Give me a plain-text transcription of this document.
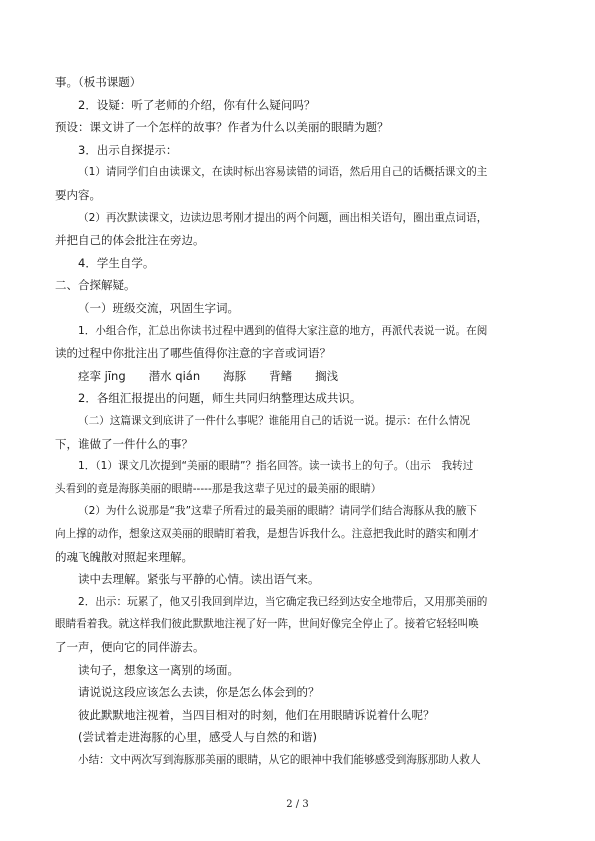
事。（板书课题）
2．设疑：听了老师的介绍，你有什么疑问吗？
预设：课文讲了一个怎样的故事？作者为什么以美丽的眼睛为题？
3．出示自探提示：
（1）请同学们自由读课文，在读时标出容易读错的词语，然后用自己的话概括课文的主
要内容。
（2）再次默读课文，边读边思考刚才提出的两个问题，画出相关语句，圈出重点词语，
并把自己的体会批注在旁边。
4．学生自学。
二、合探解疑。
（一）班级交流，巩固生字词。
1．小组合作，汇总出你读书过程中遇到的值得大家注意的地方，再派代表说一说。在阅
读的过程中你批注出了哪些值得你注意的字音或词语？
痉挛 jīng　　潜水 qián　　海豚　　背鳍　　搁浅
2．各组汇报提出的问题，师生共同归纳整理达成共识。
（二）这篇课文到底讲了一件什么事呢？谁能用自己的话说一说。提示：在什么情况
下，谁做了一件什么的事？
1．（1）课文几次提到“美丽的眼睛”？指名回答。读一读书上的句子。（出示　我转过
头看到的竟是海豚美丽的眼睛-----那是我这辈子见过的最美丽的眼睛）
（2）为什么说那是“我”这辈子所看过的最美丽的眼睛？请同学们结合海豚从我的腋下
向上撑的动作，想象这双美丽的眼睛盯着我，是想告诉我什么。注意把我此时的踏实和刚才
的魂飞魄散对照起来理解。
读中去理解。紧张与平静的心情。读出语气来。
2．出示：玩累了，他又引我回到岸边，当它确定我已经到达安全地带后，又用那美丽的
眼睛看着我。就这样我们彼此默默地注视了好一阵，世间好像完全停止了。接着它轻轻叫唤
了一声，便向它的同伴游去。
读句子，想象这一离别的场面。
请说说这段应该怎么去读，你是怎么体会到的？
彼此默默地注视着，当四目相对的时刻，他们在用眼睛诉说着什么呢？
(尝试着走进海豚的心里，感受人与自然的和谐)
小结：文中两次写到海豚那美丽的眼睛，从它的眼神中我们能够感受到海豚那助人救人
2 / 3
